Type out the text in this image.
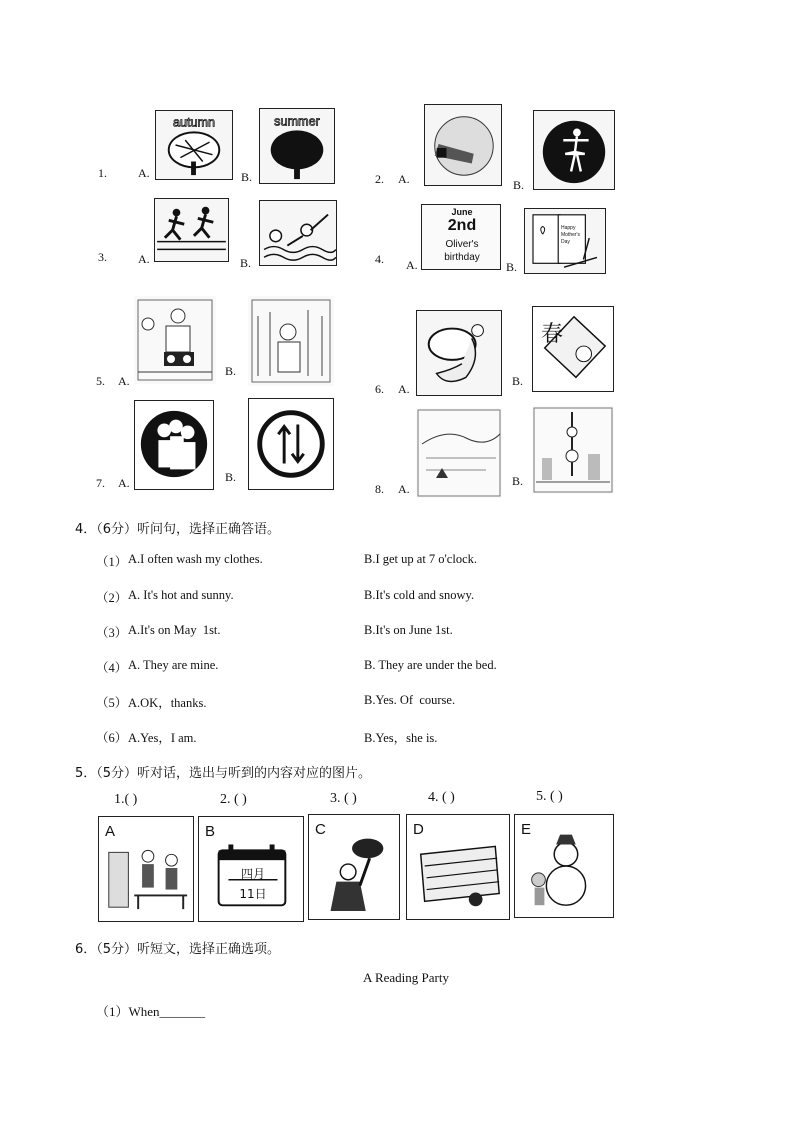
1.	A.
autumn
B.
summer
2. A.	B.
3.	A.	B.	4. A.
June
2nd
Oliver's
birthday
B.
Happy Mother's Day
5. A.
B.
6. A.
B.
春
7. A.	B.
8. A.
B.
4．（6分）听问句，选择正确答语。
（1） A.I often wash my clothes.	B.I get up at 7 o'clock.
（2） A. It's hot and sunny.	B.It's cold and snowy.
（3） A.It's on May  1st.	B.It's on June 1st.
（4） A. They are mine.	B. They are under the bed.
（5） A.OK，thanks.	B.Yes. Of  course.
（6） A.Yes，I am.	B.Yes，she is.
5．（5分）听对话，选出与听到的内容对应的图片。
1.( )	2. ( )	3. ( )	4. ( )	5. ( )
A	B
四月
11日
C	D	E
6．（5分）听短文，选择正确选项。
A Reading Party
（1）When_______
